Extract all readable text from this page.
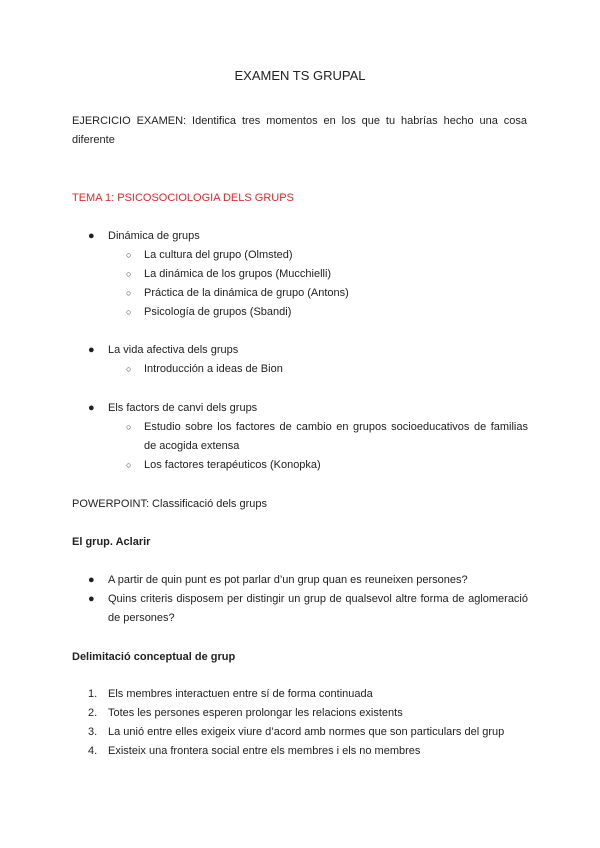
EXAMEN TS GRUPAL
EJERCICIO EXAMEN: Identifica tres momentos en los que tu habrías hecho una cosa diferente
TEMA 1: PSICOSOCIOLOGIA DELS GRUPS
● Dinámica de grups
○ La cultura del grupo (Olmsted)
○ La dinámica de los grupos (Mucchielli)
○ Práctica de la dinámica de grupo (Antons)
○ Psicología de grupos (Sbandi)
● La vida afectiva dels grups
○ Introducción a ideas de Bion
● Els factors de canvi dels grups
○ Estudio sobre los factores de cambio en grupos socioeducativos de familias de acogida extensa
○ Los factores terapéuticos (Konopka)
POWERPOINT: Classificació dels grups
El grup. Aclarir
● A partir de quin punt es pot parlar d’un grup quan es reuneixen persones?
● Quins criteris disposem per distingir un grup de qualsevol altre forma de aglomeració de persones?
Delimitació conceptual de grup
1. Els membres interactuen entre sí de forma continuada
2. Totes les persones esperen prolongar les relacions existents
3. La unió entre elles exigeix viure d’acord amb normes que son particulars del grup
4. Existeix una frontera social entre els membres i els no membres
